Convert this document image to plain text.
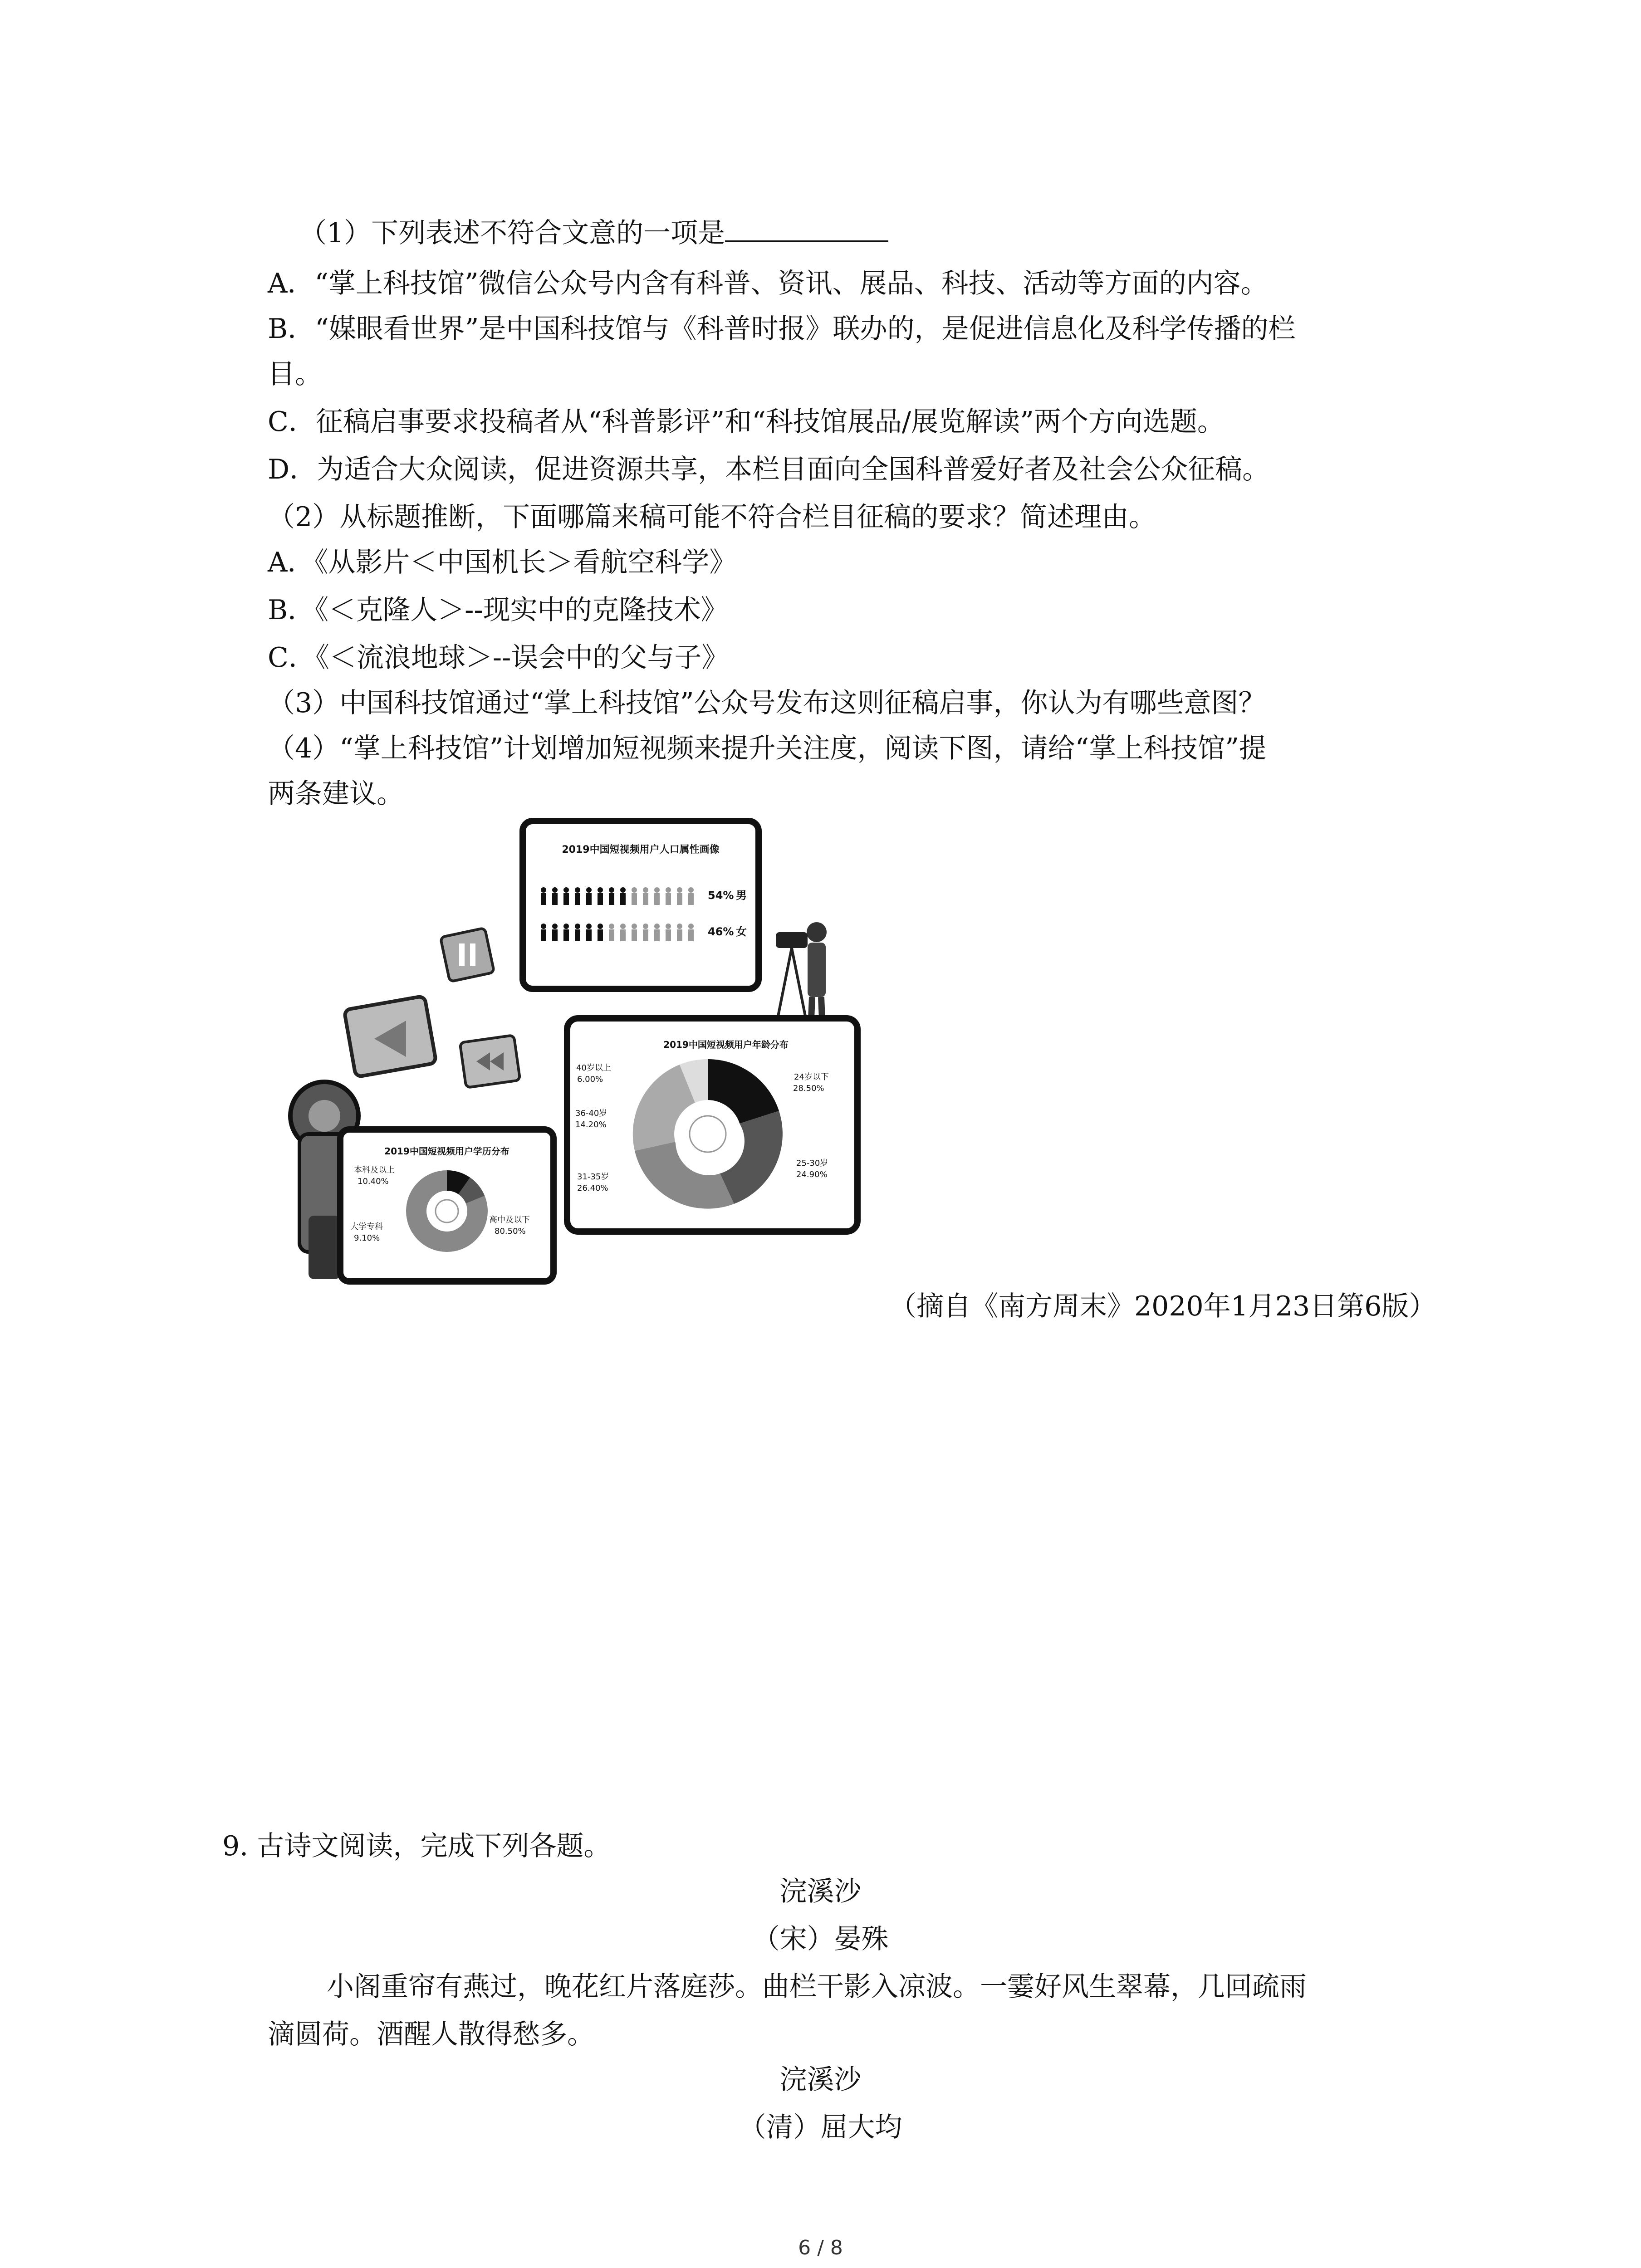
（1）下列表述不符合文意的一项是
A．“掌上科技馆”微信公众号内含有科普、资讯、展品、科技、活动等方面的内容。
B．“媒眼看世界”是中国科技馆与《科普时报》联办的，是促进信息化及科学传播的栏
目。
C．征稿启事要求投稿者从“科普影评”和“科技馆展品/展览解读”两个方向选题。
D．为适合大众阅读，促进资源共享，本栏目面向全国科普爱好者及社会公众征稿。
（2）从标题推断，下面哪篇来稿可能不符合栏目征稿的要求？简述理由。
A．《从影片＜中国机长＞看航空科学》
B．《＜克隆人＞--现实中的克隆技术》
C．《＜流浪地球＞--误会中的父与子》
（3）中国科技馆通过“掌上科技馆”公众号发布这则征稿启事，你认为有哪些意图？
（4）“掌上科技馆”计划增加短视频来提升关注度，阅读下图，请给“掌上科技馆”提
两条建议。
2019中国短视频用户人口属性画像
54% 男
46% 女
2019中国短视频用户年龄分布
40岁以上
6.00%
36-40岁
14.20%
31-35岁
26.40%
24岁以下
28.50%
25-30岁
24.90%
2019中国短视频用户学历分布
本科及以上
10.40%
大学专科
9.10%
高中及以下
80.50%
（摘自《南方周末》2020年1月23日第6版）
9. 古诗文阅读，完成下列各题。
浣溪沙
（宋）晏殊
小阁重帘有燕过，晚花红片落庭莎。曲栏干影入凉波。一霎好风生翠幕，几回疏雨
滴圆荷。酒醒人散得愁多。
浣溪沙
（清）屈大均
6 / 8
